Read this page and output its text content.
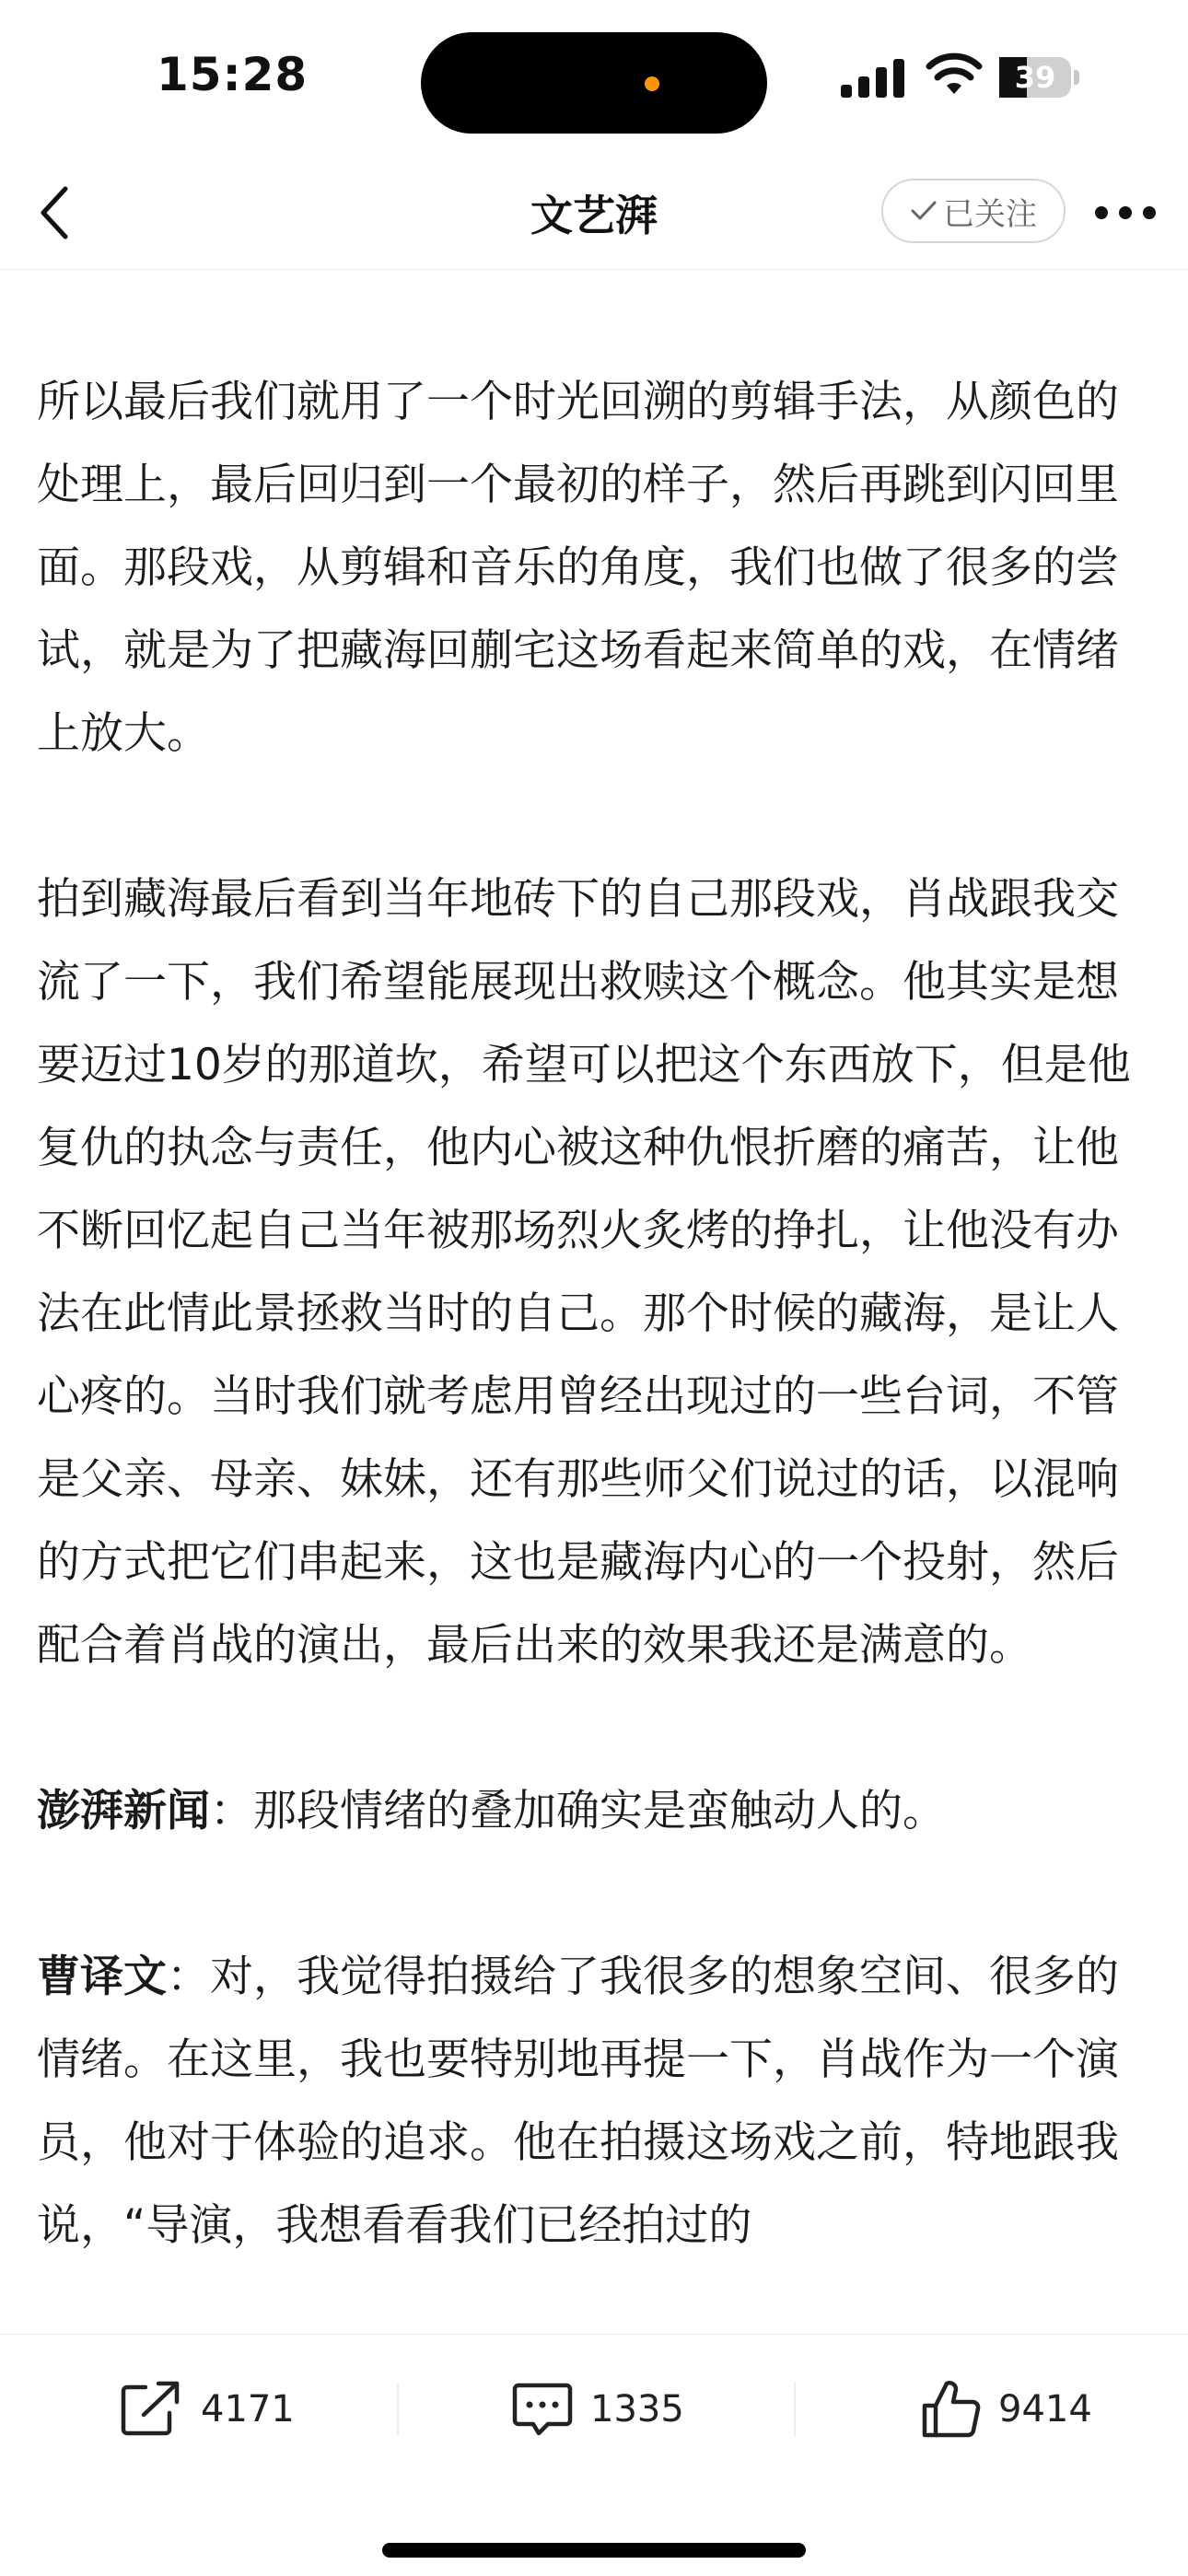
15:28	39
文艺湃	已关注

所以最后我们就用了一个时光回溯的剪辑手法，从颜色的处理上，最后回归到一个最初的样子，然后再跳到闪回里面。那段戏，从剪辑和音乐的角度，我们也做了很多的尝试，就是为了把藏海回蒯宅这场看起来简单的戏，在情绪上放大。

拍到藏海最后看到当年地砖下的自己那段戏，肖战跟我交流了一下，我们希望能展现出救赎这个概念。他其实是想要迈过10岁的那道坎，希望可以把这个东西放下，但是他复仇的执念与责任，他内心被这种仇恨折磨的痛苦，让他不断回忆起自己当年被那场烈火炙烤的挣扎，让他没有办法在此情此景拯救当时的自己。那个时候的藏海，是让人心疼的。当时我们就考虑用曾经出现过的一些台词，不管是父亲、母亲、妹妹，还有那些师父们说过的话，以混响的方式把它们串起来，这也是藏海内心的一个投射，然后配合着肖战的演出，最后出来的效果我还是满意的。

澎湃新闻：那段情绪的叠加确实是蛮触动人的。

曹译文：对，我觉得拍摄给了我很多的想象空间、很多的情绪。在这里，我也要特别地再提一下，肖战作为一个演员，他对于体验的追求。他在拍摄这场戏之前，特地跟我说，“导演，我想看看我们已经拍过的

4171	1335	9414
